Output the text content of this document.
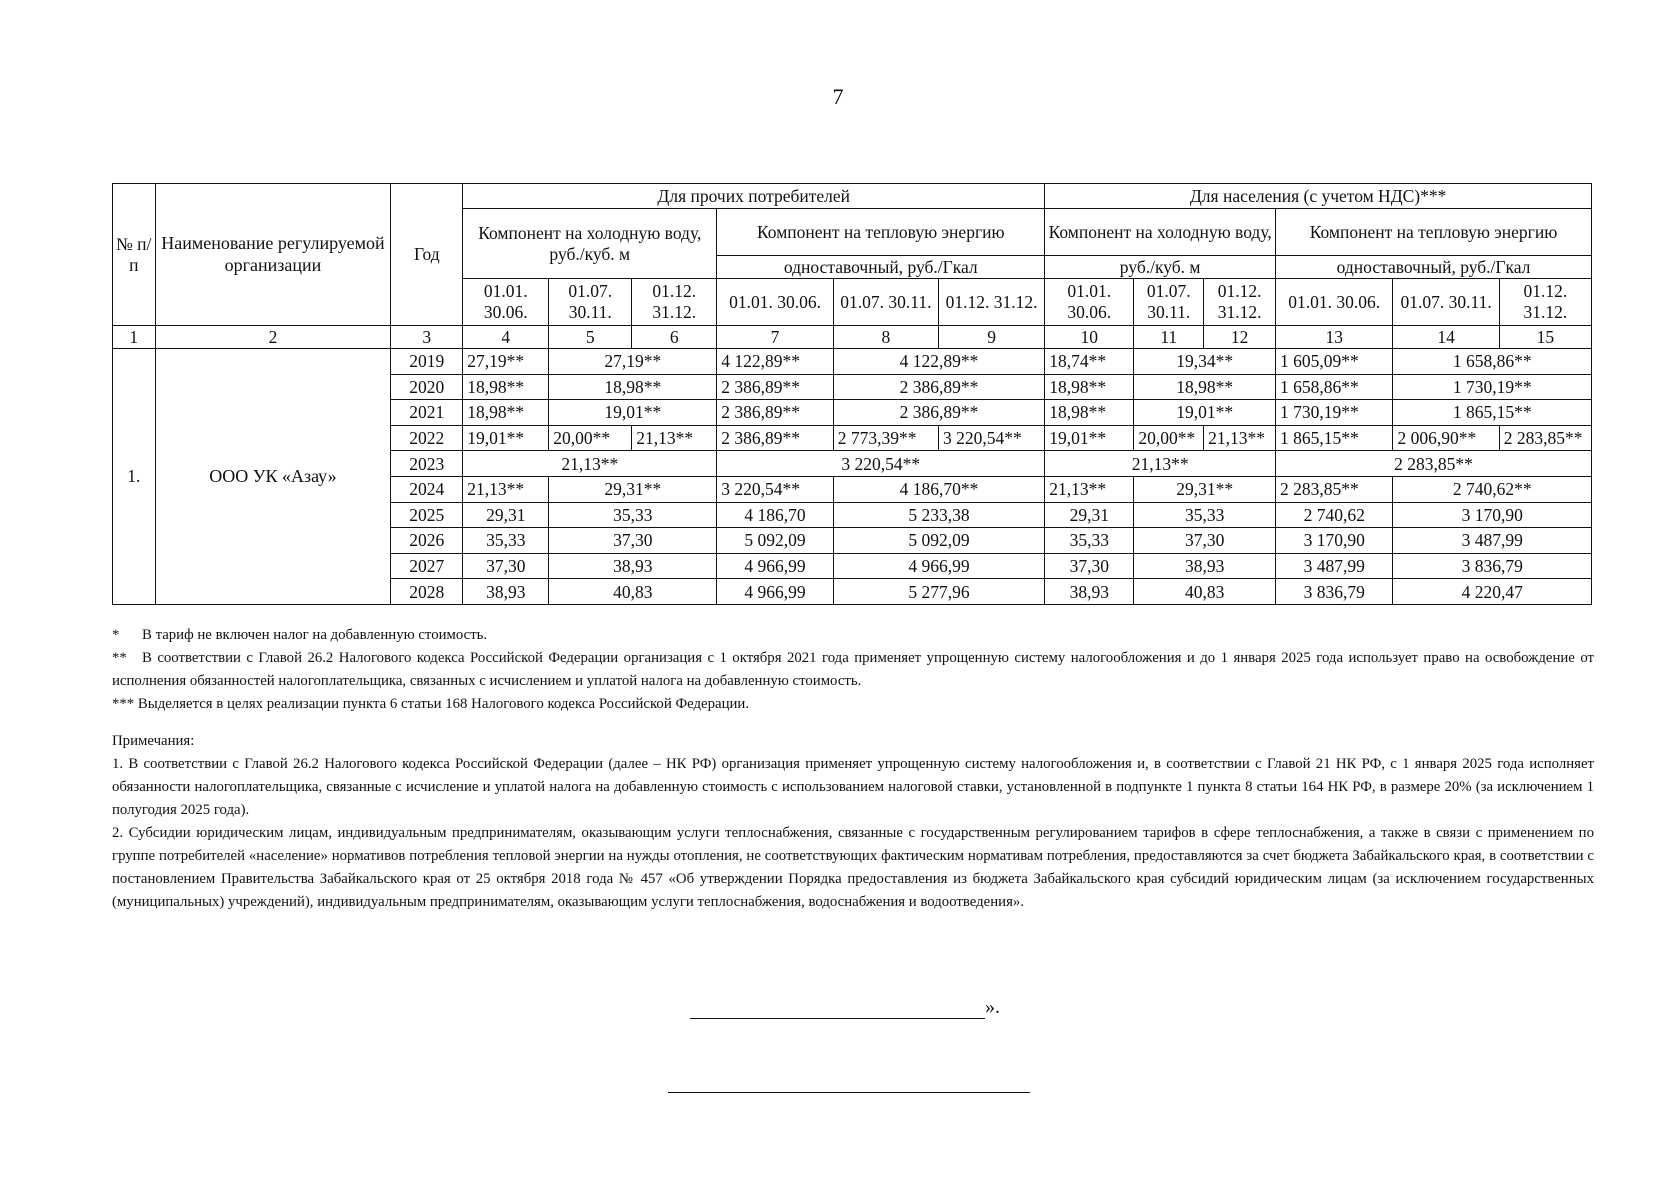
7
№ п/п	Наименование регулируемой организации	Год	Для прочих потребителей						Для населения (с учетом НДС)***					
			Компонент на холодную воду, руб./куб. м			Компонент на тепловую энергию			Компонент на холодную воду,			Компонент на тепловую энергию		
						одноставочный, руб./Гкал			руб./куб. м			одноставочный, руб./Гкал		
			01.01. 30.06.	01.07. 30.11.	01.12. 31.12.	01.01. 30.06.	01.07. 30.11.	01.12. 31.12.	01.01. 30.06.	01.07. 30.11.	01.12. 31.12.	01.01. 30.06.	01.07. 30.11.	01.12. 31.12.
1	2	3	4	5	6	7	8	9	10	11	12	13	14	15
1.	ООО УК «Азау»	2019	27,19**	27,19**		4 122,89**	4 122,89**		18,74**	19,34**		1 605,09**	1 658,86**	
		2020	18,98**	18,98**		2 386,89**	2 386,89**		18,98**	18,98**		1 658,86**	1 730,19**	
		2021	18,98**	19,01**		2 386,89**	2 386,89**		18,98**	19,01**		1 730,19**	1 865,15**	
		2022	19,01**	20,00**	21,13**	2 386,89**	2 773,39**	3 220,54**	19,01**	20,00**	21,13**	1 865,15**	2 006,90**	2 283,85**
		2023	21,13**			3 220,54**			21,13**			2 283,85**		
		2024	21,13**	29,31**		3 220,54**	4 186,70**		21,13**	29,31**		2 283,85**	2 740,62**	
		2025	29,31	35,33		4 186,70	5 233,38		29,31	35,33		2 740,62	3 170,90	
		2026	35,33	37,30		5 092,09	5 092,09		35,33	37,30		3 170,90	3 487,99	
		2027	37,30	38,93		4 966,99	4 966,99		37,30	38,93		3 487,99	3 836,79	
		2028	38,93	40,83		4 966,99	5 277,96		38,93	40,83		3 836,79	4 220,47	

* В тариф не включен налог на добавленную стоимость.

** В соответствии с Главой 26.2 Налогового кодекса Российской Федерации организация с 1 октября 2021 года применяет упрощенную систему налогообложения и до 1 января 2025 года использует право на освобождение от исполнения обязанностей налогоплательщика, связанных с исчислением и уплатой налога на добавленную стоимость.

*** Выделяется в целях реализации пункта 6 статьи 168 Налогового кодекса Российской Федерации.

Примечания:

1. В соответствии с Главой 26.2 Налогового кодекса Российской Федерации (далее – НК РФ) организация применяет упрощенную систему налогообложения и, в соответствии с Главой 21 НК РФ, с 1 января 2025 года исполняет обязанности налогоплательщика, связанные с исчисление и уплатой налога на добавленную стоимость с использованием налоговой ставки, установленной в подпункте 1 пункта 8 статьи 164 НК РФ, в размере 20% (за исключением 1 полугодия 2025 года).

2. Субсидии юридическим лицам, индивидуальным предпринимателям, оказывающим услуги теплоснабжения, связанные с государственным регулированием тарифов в сфере теплоснабжения, а также в связи с применением по группе потребителей «население» нормативов потребления тепловой энергии на нужды отопления, не соответствующих фактическим нормативам потребления, предоставляются за счет бюджета Забайкальского края, в соответствии с постановлением Правительства Забайкальского края от 25 октября 2018 года № 457 «Об утверждении Порядка предоставления из бюджета Забайкальского края субсидий юридическим лицам (за исключением государственных (муниципальных) учреждений), индивидуальным предпринимателям, оказывающим услуги теплоснабжения, водоснабжения и водоотведения».

».
